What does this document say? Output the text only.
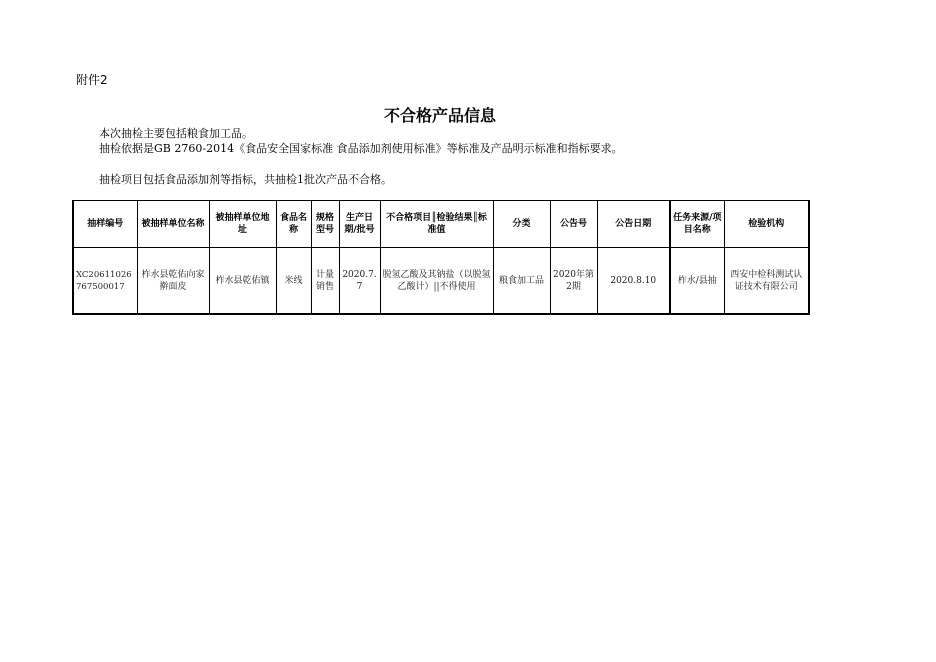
附件2
不合格产品信息
本次抽检主要包括粮食加工品。
抽检依据是GB 2760-2014《食品安全国家标准 食品添加剂使用标准》等标准及产品明示标准和指标要求。
抽检项目包括食品添加剂等指标，共抽检1批次产品不合格。
抽样编号	被抽样单位名称	被抽样单位地址	食品名称	规格型号	生产日期/批号	不合格项目║检验结果║标准值	分类	公告号	公告日期	任务来源/项目名称	检验机构
XC20611026767500017	柞水县乾佑向家擀面皮	柞水县乾佑镇	米线	计量销售	2020.7.7	脱氢乙酸及其钠盐（以脱氢乙酸计）||不得使用	粮食加工品	2020年第2期	2020.8.10	柞水/县抽	西安中检科测试认证技术有限公司
